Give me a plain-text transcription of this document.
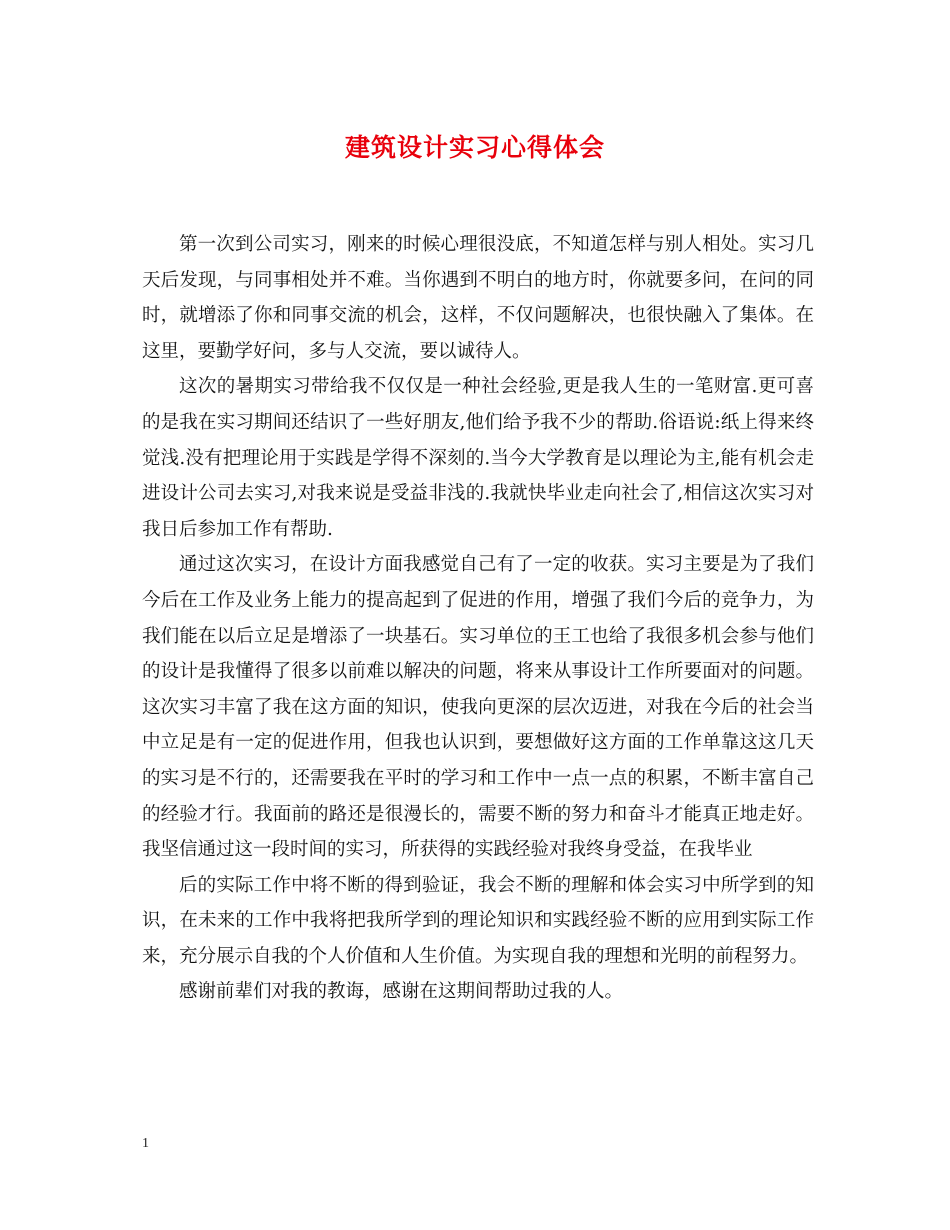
建筑设计实习心得体会

第一次到公司实习，刚来的时候心理很没底，不知道怎样与别人相处。实习几天后发现，与同事相处并不难。当你遇到不明白的地方时，你就要多问，在问的同时，就增添了你和同事交流的机会，这样，不仅问题解决，也很快融入了集体。在这里，要勤学好问，多与人交流，要以诚待人。

这次的暑期实习带给我不仅仅是一种社会经验,更是我人生的一笔财富.更可喜的是我在实习期间还结识了一些好朋友,他们给予我不少的帮助.俗语说:纸上得来终觉浅.没有把理论用于实践是学得不深刻的.当今大学教育是以理论为主,能有机会走进设计公司去实习,对我来说是受益非浅的.我就快毕业走向社会了,相信这次实习对我日后参加工作有帮助.

通过这次实习，在设计方面我感觉自己有了一定的收获。实习主要是为了我们今后在工作及业务上能力的提高起到了促进的作用，增强了我们今后的竞争力，为我们能在以后立足是增添了一块基石。实习单位的王工也给了我很多机会参与他们的设计是我懂得了很多以前难以解决的问题，将来从事设计工作所要面对的问题。这次实习丰富了我在这方面的知识，使我向更深的层次迈进，对我在今后的社会当中立足是有一定的促进作用，但我也认识到，要想做好这方面的工作单靠这这几天的实习是不行的，还需要我在平时的学习和工作中一点一点的积累，不断丰富自己的经验才行。我面前的路还是很漫长的，需要不断的努力和奋斗才能真正地走好。我坚信通过这一段时间的实习，所获得的实践经验对我终身受益，在我毕业

后的实际工作中将不断的得到验证，我会不断的理解和体会实习中所学到的知识，在未来的工作中我将把我所学到的理论知识和实践经验不断的应用到实际工作来，充分展示自我的个人价值和人生价值。为实现自我的理想和光明的前程努力。

感谢前辈们对我的教诲，感谢在这期间帮助过我的人。

1
